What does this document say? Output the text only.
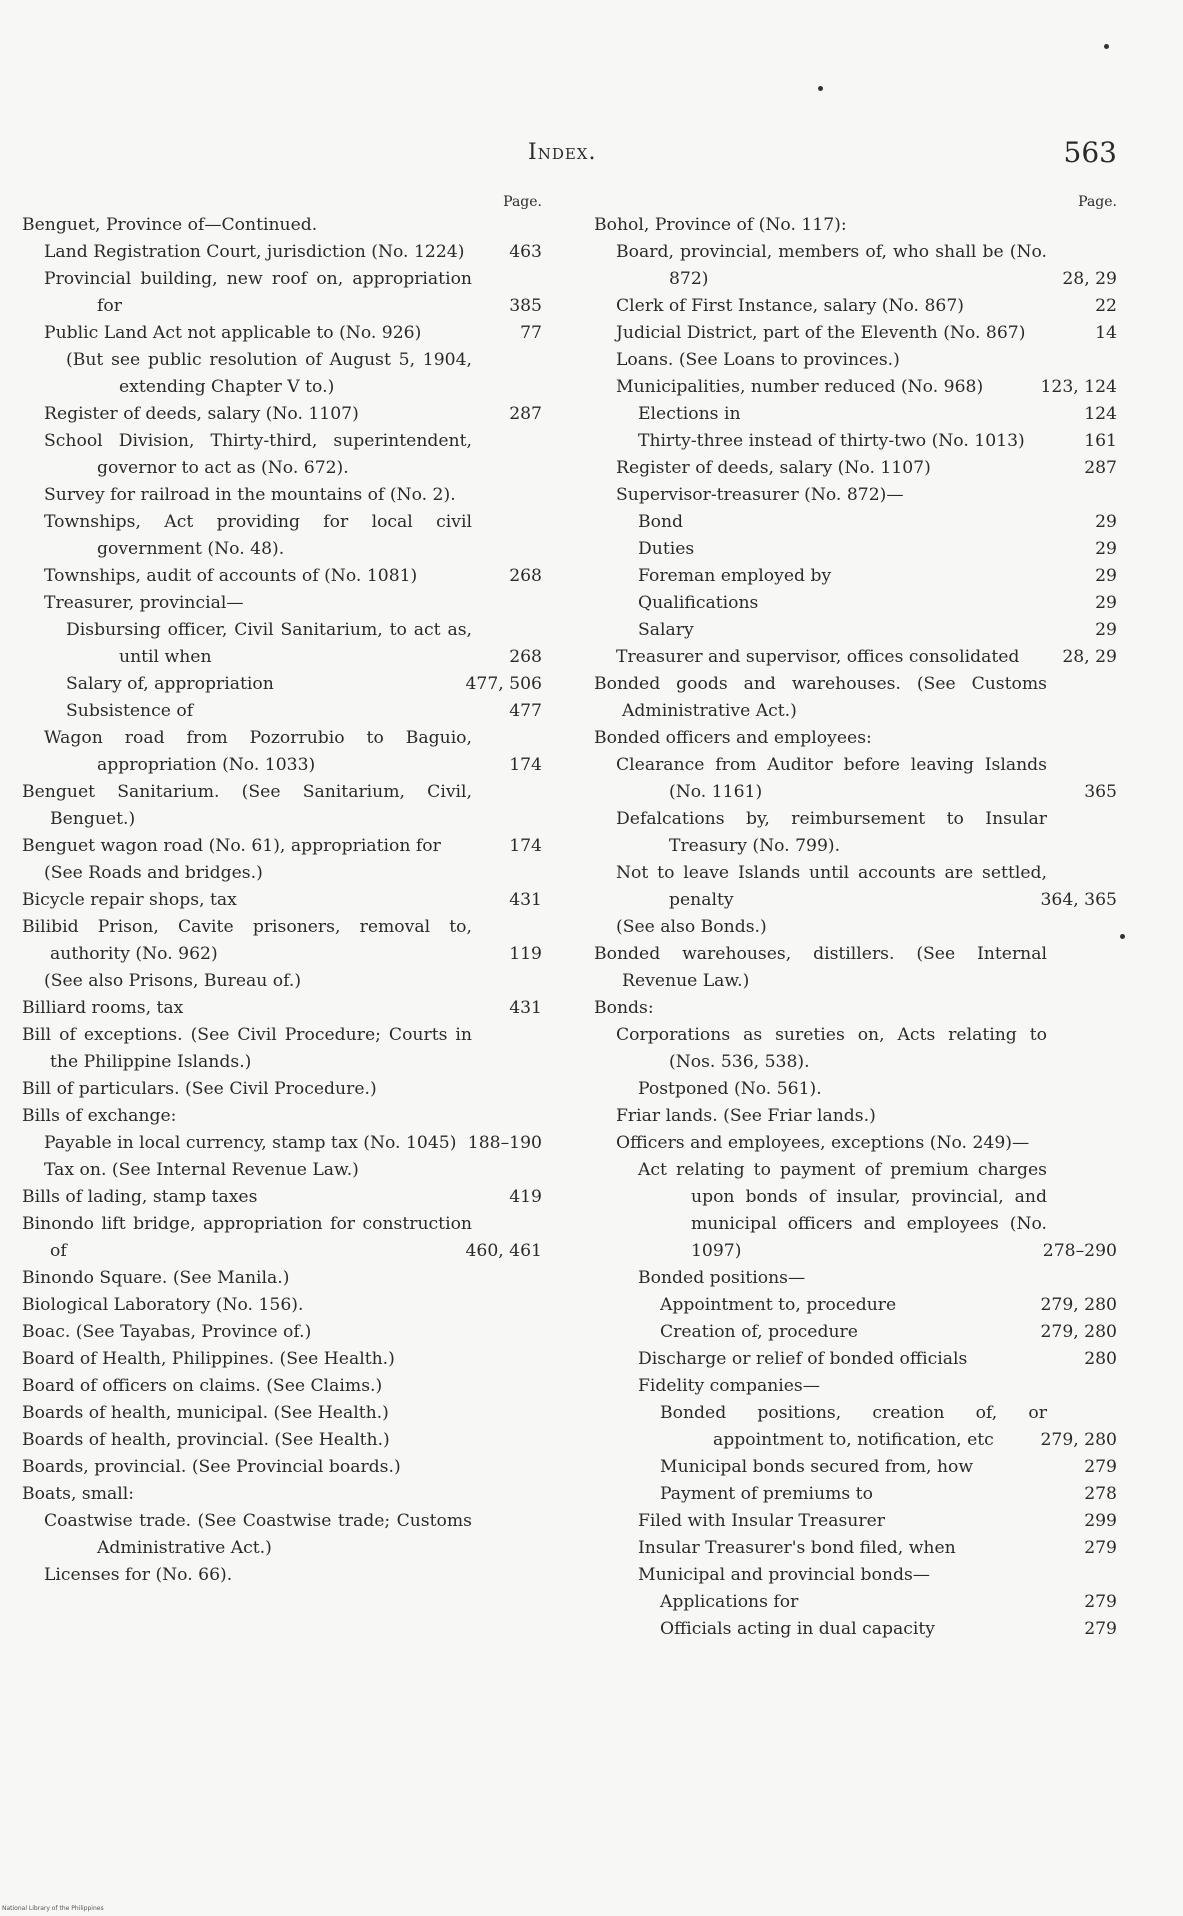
Index.	563
Page.
Benguet, Province of—Continued.
Land Registration Court, jurisdiction (No. 1224)	463
Provincial building, new roof on, appropriation for	385
Public Land Act not applicable to (No. 926)	77
(But see public resolution of August 5, 1904, extending Chapter V to.)
Register of deeds, salary (No. 1107)	287
School Division, Thirty-third, superintendent, governor to act as (No. 672).
Survey for railroad in the mountains of (No. 2).
Townships, Act providing for local civil government (No. 48).
Townships, audit of accounts of (No. 1081)	268
Treasurer, provincial—
Disbursing officer, Civil Sanitarium, to act as, until when	268
Salary of, appropriation	477, 506
Subsistence of	477
Wagon road from Pozorrubio to Baguio, appropriation (No. 1033)	174
Benguet Sanitarium. (See Sanitarium, Civil, Benguet.)
Benguet wagon road (No. 61), appropriation for	174
(See Roads and bridges.)
Bicycle repair shops, tax	431
Bilibid Prison, Cavite prisoners, removal to, authority (No. 962)	119
(See also Prisons, Bureau of.)
Billiard rooms, tax	431
Bill of exceptions. (See Civil Procedure; Courts in the Philippine Islands.)
Bill of particulars. (See Civil Procedure.)
Bills of exchange:
Payable in local currency, stamp tax (No. 1045) 188–190
Tax on. (See Internal Revenue Law.)
Bills of lading, stamp taxes	419
Binondo lift bridge, appropriation for construction of	460, 461
Binondo Square. (See Manila.)
Biological Laboratory (No. 156).
Boac. (See Tayabas, Province of.)
Board of Health, Philippines. (See Health.)
Board of officers on claims. (See Claims.)
Boards of health, municipal. (See Health.)
Boards of health, provincial. (See Health.)
Boards, provincial. (See Provincial boards.)
Boats, small:
Coastwise trade. (See Coastwise trade; Customs Administrative Act.)
Licenses for (No. 66).
Page.
Bohol, Province of (No. 117):
Board, provincial, members of, who shall be (No. 872)	28, 29
Clerk of First Instance, salary (No. 867)	22
Judicial District, part of the Eleventh (No. 867)	14
Loans. (See Loans to provinces.)
Municipalities, number reduced (No. 968)	123, 124
Elections in	124
Thirty-three instead of thirty-two (No. 1013)	161
Register of deeds, salary (No. 1107)	287
Supervisor-treasurer (No. 872)—
Bond	29
Duties	29
Foreman employed by	29
Qualifications	29
Salary	29
Treasurer and supervisor, offices consolidated 28, 29
Bonded goods and warehouses. (See Customs Administrative Act.)
Bonded officers and employees:
Clearance from Auditor before leaving Islands (No. 1161)	365
Defalcations by, reimbursement to Insular Treasury (No. 799).
Not to leave Islands until accounts are settled, penalty	364, 365
(See also Bonds.)
Bonded warehouses, distillers. (See Internal Revenue Law.)
Bonds:
Corporations as sureties on, Acts relating to (Nos. 536, 538).
Postponed (No. 561).
Friar lands. (See Friar lands.)
Officers and employees, exceptions (No. 249)—
Act relating to payment of premium charges upon bonds of insular, provincial, and municipal officers and employees (No. 1097)	278–290
Bonded positions—
Appointment to, procedure	279, 280
Creation of, procedure	279, 280
Discharge or relief of bonded officials	280
Fidelity companies—
Bonded positions, creation of, or appointment to, notification, etc	279, 280
Municipal bonds secured from, how	279
Payment of premiums to	278
Filed with Insular Treasurer	299
Insular Treasurer's bond filed, when	279
Municipal and provincial bonds—
Applications for	279
Officials acting in dual capacity	279
National Library of the Philippines
